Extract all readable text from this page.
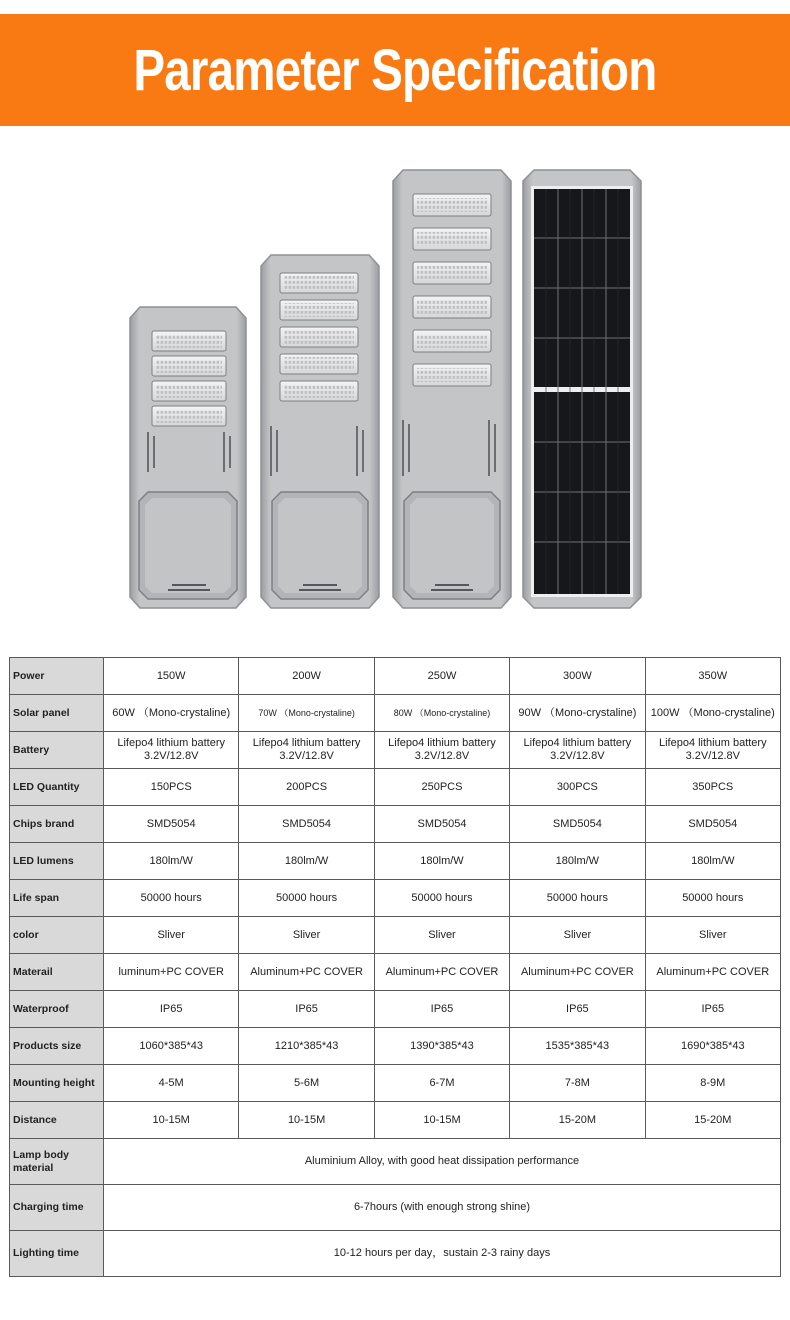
Parameter Specification
Power	150W	200W	250W	300W	350W
Solar panel	60W （Mono-crystaline)	70W （Mono-crystaline)	80W （Mono-crystaline)	90W （Mono-crystaline)	100W （Mono-crystaline)
Battery	Lifepo4 lithium battery 3.2V/12.8V	Lifepo4 lithium battery 3.2V/12.8V	Lifepo4 lithium battery 3.2V/12.8V	Lifepo4 lithium battery 3.2V/12.8V	Lifepo4 lithium battery 3.2V/12.8V
LED Quantity	150PCS	200PCS	250PCS	300PCS	350PCS
Chips brand	SMD5054	SMD5054	SMD5054	SMD5054	SMD5054
LED lumens	180lm/W	180lm/W	180lm/W	180lm/W	180lm/W
Life span	50000 hours	50000 hours	50000 hours	50000 hours	50000 hours
color	Sliver	Sliver	Sliver	Sliver	Sliver
Materail	luminum+PC COVER	Aluminum+PC COVER	Aluminum+PC COVER	Aluminum+PC COVER	Aluminum+PC COVER
Waterproof	IP65	IP65	IP65	IP65	IP65
Products size	1060*385*43	1210*385*43	1390*385*43	1535*385*43	1690*385*43
Mounting height	4-5M	5-6M	6-7M	7-8M	8-9M
Distance	10-15M	10-15M	10-15M	15-20M	15-20M
Lamp body material	Aluminium Alloy, with good heat dissipation performance				
Charging time	6-7hours (with enough strong shine)				
Lighting time	10-12 hours per day，sustain 2-3 rainy days				
